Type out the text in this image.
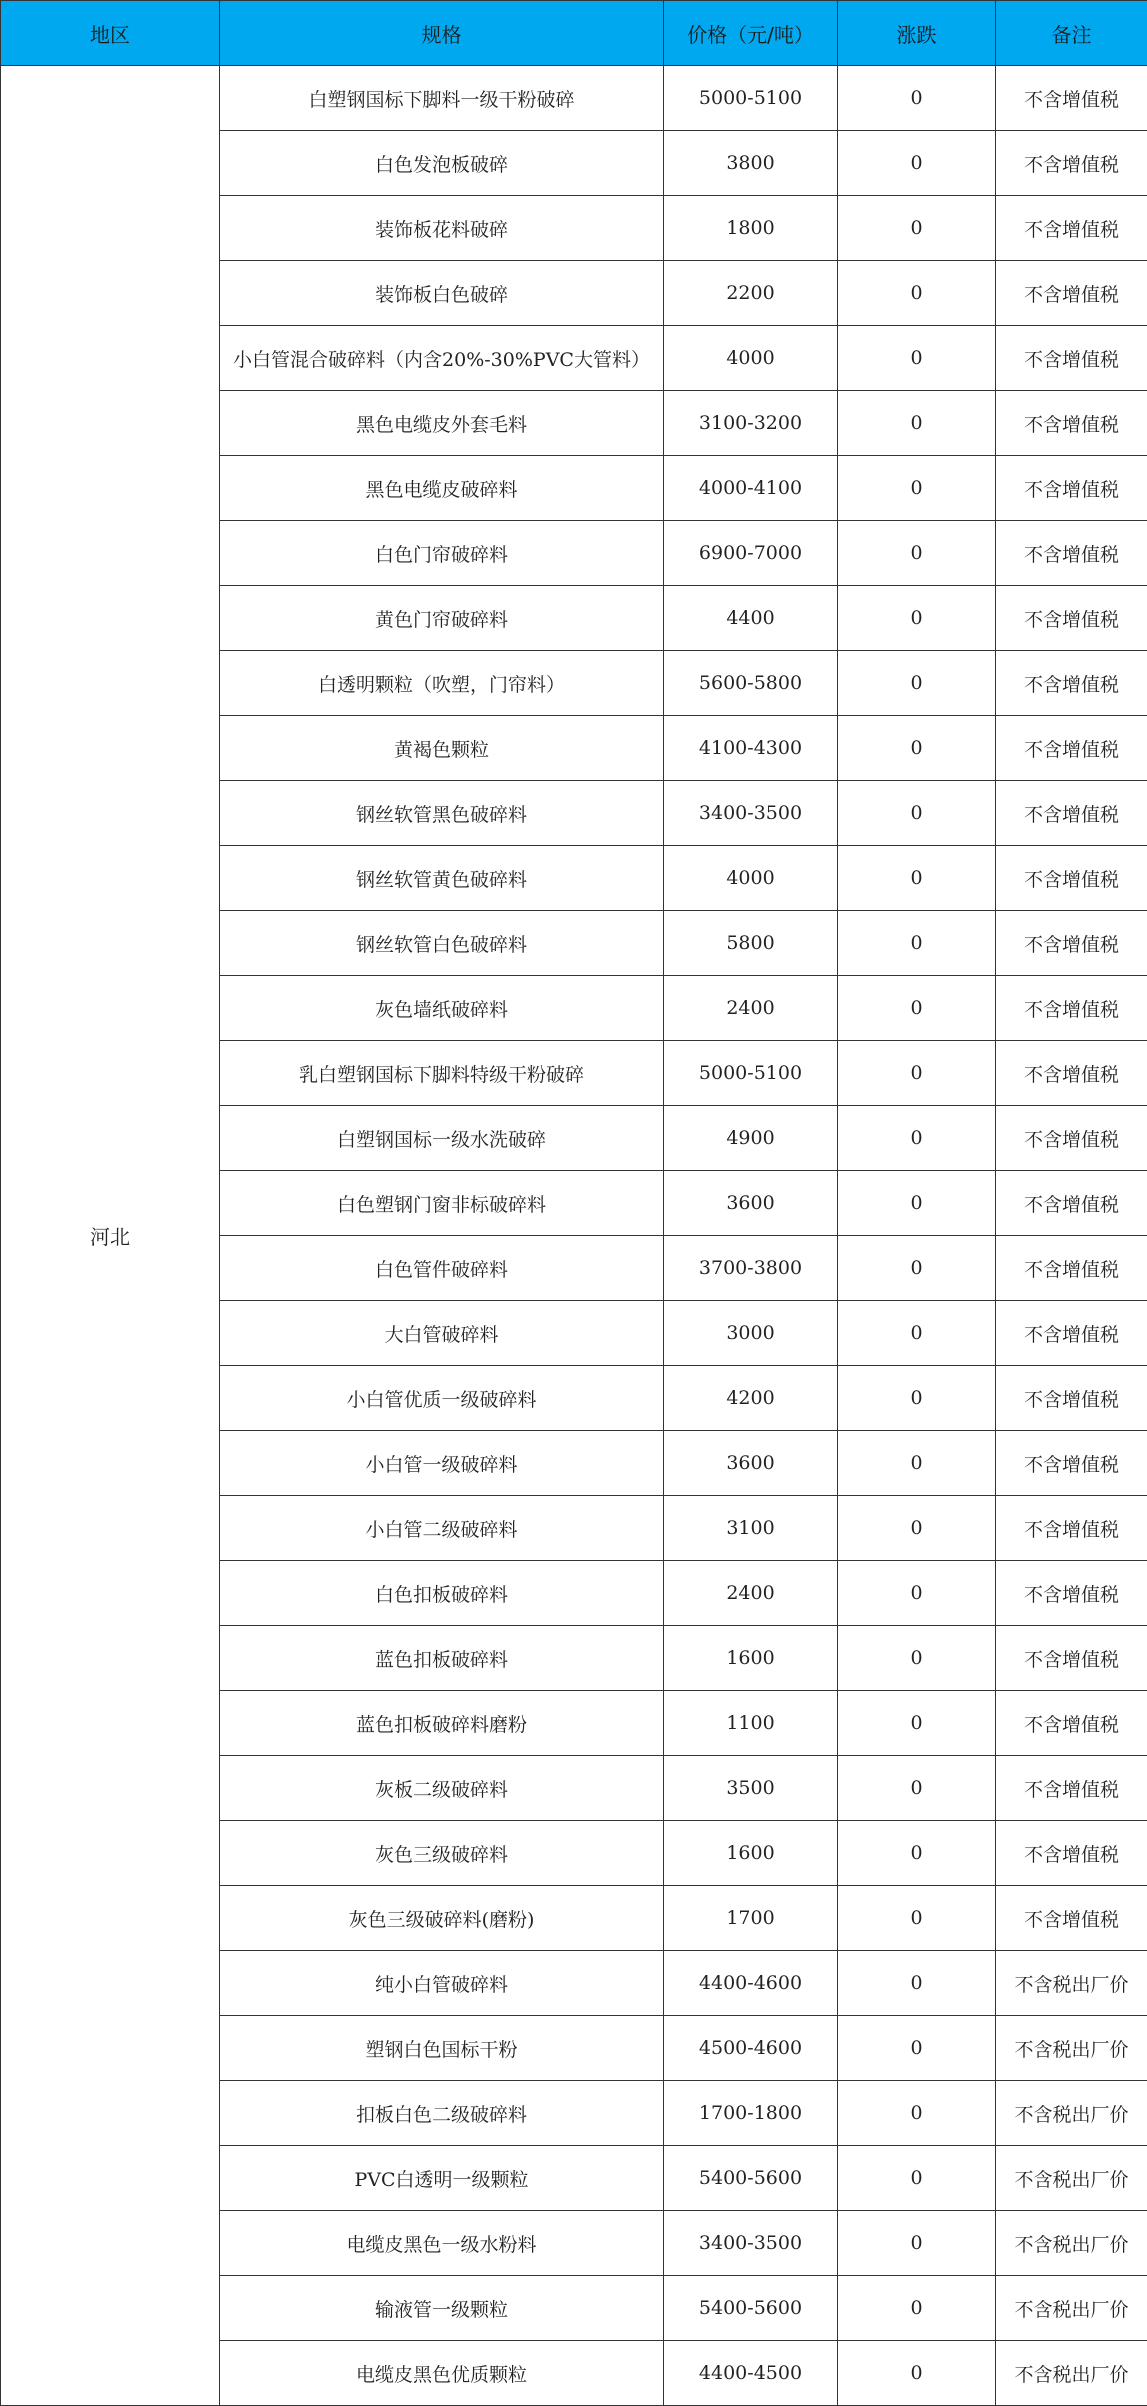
地区	规格	价格（元/吨）	涨跌	备注
河北	白塑钢国标下脚料一级干粉破碎	5000-5100	0	不含增值税
	白色发泡板破碎	3800	0	不含增值税
	装饰板花料破碎	1800	0	不含增值税
	装饰板白色破碎	2200	0	不含增值税
	小白管混合破碎料（内含20%-30%PVC大管料）	4000	0	不含增值税
	黑色电缆皮外套毛料	3100-3200	0	不含增值税
	黑色电缆皮破碎料	4000-4100	0	不含增值税
	白色门帘破碎料	6900-7000	0	不含增值税
	黄色门帘破碎料	4400	0	不含增值税
	白透明颗粒（吹塑，门帘料）	5600-5800	0	不含增值税
	黄褐色颗粒	4100-4300	0	不含增值税
	钢丝软管黑色破碎料	3400-3500	0	不含增值税
	钢丝软管黄色破碎料	4000	0	不含增值税
	钢丝软管白色破碎料	5800	0	不含增值税
	灰色墙纸破碎料	2400	0	不含增值税
	乳白塑钢国标下脚料特级干粉破碎	5000-5100	0	不含增值税
	白塑钢国标一级水洗破碎	4900	0	不含增值税
	白色塑钢门窗非标破碎料	3600	0	不含增值税
	白色管件破碎料	3700-3800	0	不含增值税
	大白管破碎料	3000	0	不含增值税
	小白管优质一级破碎料	4200	0	不含增值税
	小白管一级破碎料	3600	0	不含增值税
	小白管二级破碎料	3100	0	不含增值税
	白色扣板破碎料	2400	0	不含增值税
	蓝色扣板破碎料	1600	0	不含增值税
	蓝色扣板破碎料磨粉	1100	0	不含增值税
	灰板二级破碎料	3500	0	不含增值税
	灰色三级破碎料	1600	0	不含增值税
	灰色三级破碎料(磨粉)	1700	0	不含增值税
	纯小白管破碎料	4400-4600	0	不含税出厂价
	塑钢白色国标干粉	4500-4600	0	不含税出厂价
	扣板白色二级破碎料	1700-1800	0	不含税出厂价
	PVC白透明一级颗粒	5400-5600	0	不含税出厂价
	电缆皮黑色一级水粉料	3400-3500	0	不含税出厂价
	输液管一级颗粒	5400-5600	0	不含税出厂价
	电缆皮黑色优质颗粒	4400-4500	0	不含税出厂价
